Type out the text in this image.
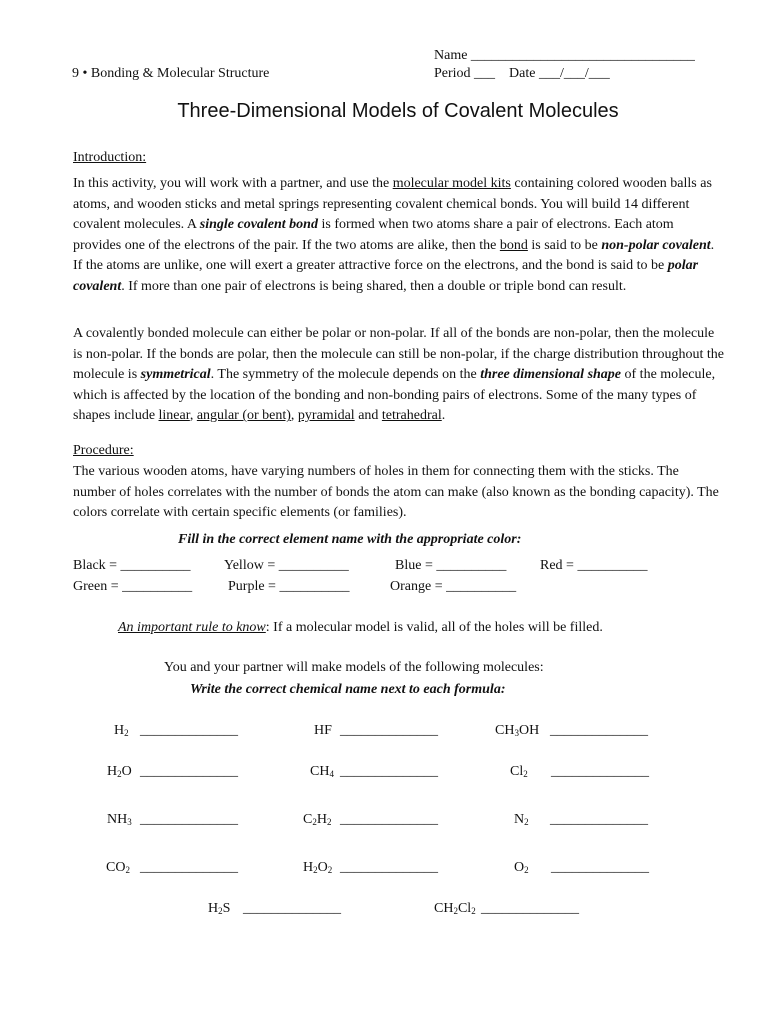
Name ________________________________
9 • Bonding & Molecular Structure	Period ___    Date ___/___/___
Three-Dimensional Models of Covalent Molecules
Introduction:
In this activity, you will work with a partner, and use the molecular model kits containing colored wooden balls as atoms, and wooden sticks and metal springs representing covalent chemical bonds. You will build 14 different covalent molecules. A single covalent bond is formed when two atoms share a pair of electrons. Each atom provides one of the electrons of the pair. If the two atoms are alike, then the bond is said to be non-polar covalent. If the atoms are unlike, one will exert a greater attractive force on the electrons, and the bond is said to be polar covalent. If more than one pair of electrons is being shared, then a double or triple bond can result.
A covalently bonded molecule can either be polar or non-polar. If all of the bonds are non-polar, then the molecule is non-polar. If the bonds are polar, then the molecule can still be non-polar, if the charge distribution throughout the molecule is symmetrical. The symmetry of the molecule depends on the three dimensional shape of the molecule, which is affected by the location of the bonding and non-bonding pairs of electrons. Some of the many types of shapes include linear, angular (or bent), pyramidal and tetrahedral.
Procedure:
The various wooden atoms, have varying numbers of holes in them for connecting them with the sticks. The number of holes correlates with the number of bonds the atom can make (also known as the bonding capacity). The colors correlate with certain specific elements (or families).
Fill in the correct element name with the appropriate color:
Black = __________ Yellow = __________	Blue = __________ Red = __________
Green = __________	Purple = __________	Orange = __________
An important rule to know: If a molecular model is valid, all of the holes will be filled.
You and your partner will make models of the following molecules:
Write the correct chemical name next to each formula:
$H_2$ ______________	HF ______________	$CH_3OH$ ______________
$H_2O$ ______________	$CH_4$ ______________	$Cl_2$ ______________
$NH_3$ ______________	$C_2H_2$ ______________	$N_2$ ______________
$CO_2$ ______________	$H_2O_2$ ______________	$O_2$ ______________
$H_2S$ ______________	$CH_2Cl_2$ ______________
